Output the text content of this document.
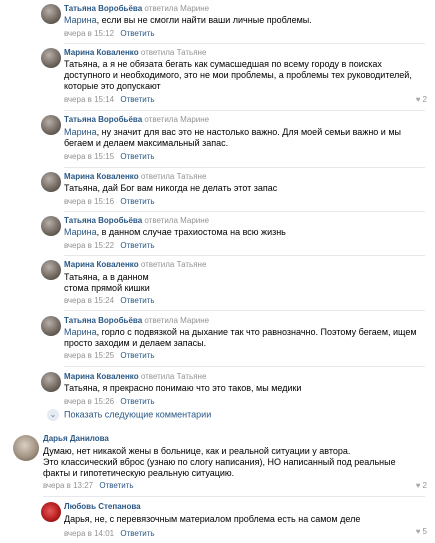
Татьяна Воробьёва ответила Марине
Марина, если вы не смогли найти ваши личные проблемы.
вчера в 15:12 Ответить
Марина Коваленко ответила Татьяне
Татьяна, а я не обязата бегать как сумасшедшая по всему городу в поисках
доступного и необходимого, это не мои проблемы, а проблемы тех руководителей,
которые это допускают
вчера в 15:14 Ответить	♥ 2
Татьяна Воробьёва ответила Марине
Марина, ну значит для вас это не настолько важно. Для моей семьи важно и мы
бегаем и делаем максимальный запас.
вчера в 15:15 Ответить
Марина Коваленко ответила Татьяне
Татьяна, дай Бог вам никогда не делать этот запас
вчера в 15:16 Ответить
Татьяна Воробьёва ответила Марине
Марина, в данном случае трахиостома на всю жизнь
вчера в 15:22 Ответить
Марина Коваленко ответила Татьяне
Татьяна, а в данном
стома прямой кишки
вчера в 15:24 Ответить
Татьяна Воробьёва ответила Марине
Марина, горло с подвязкой на дыхание так что равнозначно. Поэтому бегаем, ищем
просто заходим и делаем запасы.
вчера в 15:25 Ответить
Марина Коваленко ответила Татьяне
Татьяна, я прекрасно понимаю что это таков, мы медики
вчера в 15:26 Ответить
⌄ Показать следующие комментарии
Дарья Данилова
Думаю, нет никакой жены в больнице, как и реальной ситуации у автора.
Это классический вброс (узнаю по слогу написания), НО написанный под реальные
факты и гипотетическую реальную ситуацию.
вчера в 13:27 Ответить	♥ 2
Любовь Степанова
Дарья, не, с перевязочным материалом проблема есть на самом деле
вчера в 14:01 Ответить	♥ 5
